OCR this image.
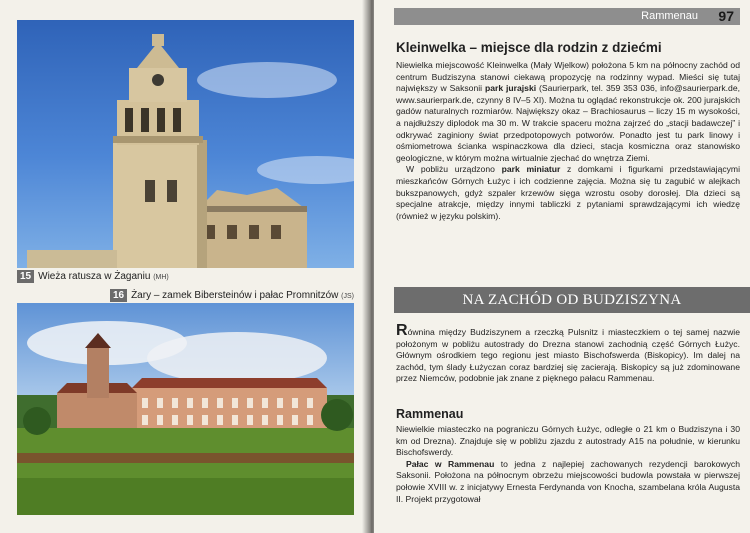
15 Wieża ratusza w Żaganiu (MH)
16 Żary – zamek Bibersteinów i pałac Promnitzów (JS)
Rammenau 97
Kleinwelka – miejsce dla rodzin z dziećmi

Niewielka miejscowość Kleinwelka (Mały Wjelkow) położona 5 km na północny zachód od centrum Budziszyna stanowi ciekawą propozycję na rodzinny wypad. Mieści się tutaj największy w Saksonii park jurajski (Saurierpark, tel. 359 353 036, info@saurierpark.de, www.saurierpark.de, czynny 8 IV–5 XI). Można tu oglądać rekonstrukcje ok. 200 jurajskich gadów naturalnych rozmiarów. Największy okaz – Brachiosaurus – liczy 15 m wysokości, a najdłuższy diplodok ma 30 m. W trakcie spaceru można zajrzeć do „stacji badawczej” i odkrywać zaginiony świat przedpotopowych potworów. Ponadto jest tu park linowy i ośmiometrowa ścianka wspinaczkowa dla dzieci, stacja kosmiczna oraz stanowisko geologiczne, w którym można wirtualnie zjechać do wnętrza Ziemi.

W pobliżu urządzono park miniatur z domkami i figurkami przedstawiającymi mieszkańców Górnych Łużyc i ich codzienne zajęcia. Można się tu zagubić w alejkach bukszpanowych, gdyż szpaler krzewów sięga wzrostu osoby dorosłej. Dla dzieci są specjalne atrakcje, między innymi tabliczki z pytaniami sprawdzającymi ich wiedzę (również w języku polskim).

NA ZACHÓD OD BUDZISZYNA

Równina między Budziszynem a rzeczką Pulsnitz i miasteczkiem o tej samej nazwie położonym w pobliżu autostrady do Drezna stanowi zachodnią część Górnych Łużyc. Głównym ośrodkiem tego regionu jest miasto Bischofswerda (Biskopicy). Im dalej na zachód, tym ślady Łużyczan coraz bardziej się zacierają. Biskopicy są już zdominowane przez Niemców, podobnie jak znane z pięknego pałacu Rammenau.

Rammenau

Niewielkie miasteczko na pograniczu Górnych Łużyc, odległe o 21 km o Budziszyna i 30 km od Drezna). Znajduje się w pobliżu zjazdu z autostrady A15 na południe, w kierunku Bischofswerdy.

Pałac w Rammenau to jedna z najlepiej zachowanych rezydencji barokowych Saksonii. Położona na północnym obrzeżu miejscowości budowla powstała w pierwszej połowie XVIII w. z inicjatywy Ernesta Ferdynanda von Knocha, szambelana króla Augusta II. Projekt przygotował
